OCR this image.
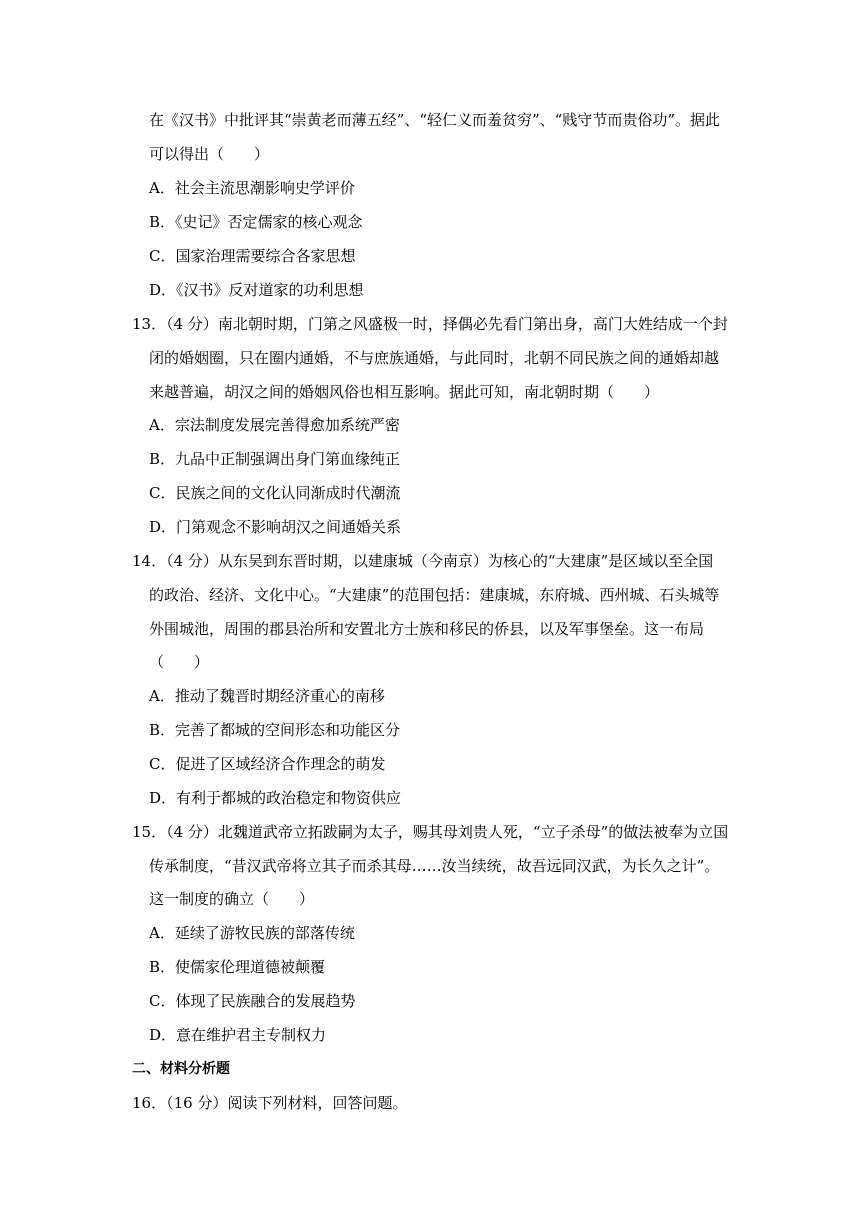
在《汉书》中批评其“崇黄老而薄五经”、“轻仁义而羞贫穷”、“贱守节而贵俗功”。据此
可以得出（　　）
A．社会主流思潮影响史学评价
B．《史记》否定儒家的核心观念
C．国家治理需要综合各家思想
D．《汉书》反对道家的功利思想
13．（4 分）南北朝时期，门第之风盛极一时，择偶必先看门第出身，高门大姓结成一个封
闭的婚姻圈，只在圈内通婚，不与庶族通婚，与此同时，北朝不同民族之间的通婚却越
来越普遍，胡汉之间的婚姻风俗也相互影响。据此可知，南北朝时期（　　）
A．宗法制度发展完善得愈加系统严密
B．九品中正制强调出身门第血缘纯正
C．民族之间的文化认同渐成时代潮流
D．门第观念不影响胡汉之间通婚关系
14．（4 分）从东吴到东晋时期，以建康城（今南京）为核心的“大建康”是区域以至全国
的政治、经济、文化中心。“大建康”的范围包括：建康城，东府城、西州城、石头城等
外围城池，周围的郡县治所和安置北方士族和移民的侨县，以及军事堡垒。这一布局
（　　）
A．推动了魏晋时期经济重心的南移
B．完善了都城的空间形态和功能区分
C．促进了区域经济合作理念的萌发
D．有利于都城的政治稳定和物资供应
15．（4 分）北魏道武帝立拓跋嗣为太子，赐其母刘贵人死，“立子杀母”的做法被奉为立国
传承制度，“昔汉武帝将立其子而杀其母……汝当续统，故吾远同汉武，为长久之计”。
这一制度的确立（　　）
A．延续了游牧民族的部落传统
B．使儒家伦理道德被颠覆
C．体现了民族融合的发展趋势
D．意在维护君主专制权力
二、材料分析题
16．（16 分）阅读下列材料，回答问题。
